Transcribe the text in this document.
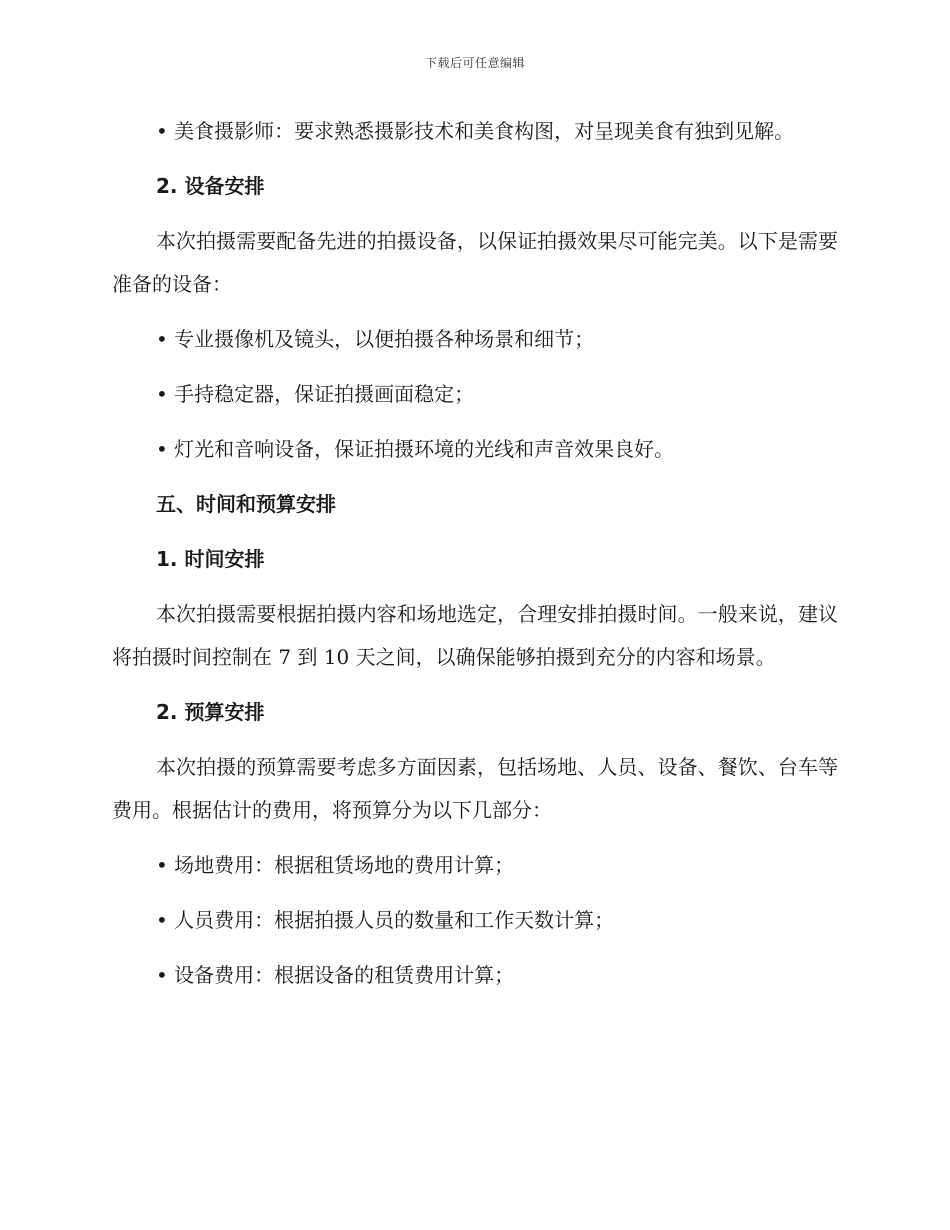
下载后可任意编辑

• 美食摄影师：要求熟悉摄影技术和美食构图，对呈现美食有独到见解。

2. 设备安排

本次拍摄需要配备先进的拍摄设备，以保证拍摄效果尽可能完美。以下是需要准备的设备：

• 专业摄像机及镜头，以便拍摄各种场景和细节；

• 手持稳定器，保证拍摄画面稳定；

• 灯光和音响设备，保证拍摄环境的光线和声音效果良好。

五、时间和预算安排

1. 时间安排

本次拍摄需要根据拍摄内容和场地选定，合理安排拍摄时间。一般来说，建议将拍摄时间控制在 7 到 10 天之间，以确保能够拍摄到充分的内容和场景。

2. 预算安排

本次拍摄的预算需要考虑多方面因素，包括场地、人员、设备、餐饮、台车等费用。根据估计的费用，将预算分为以下几部分：

• 场地费用：根据租赁场地的费用计算；

• 人员费用：根据拍摄人员的数量和工作天数计算；

• 设备费用：根据设备的租赁费用计算；
